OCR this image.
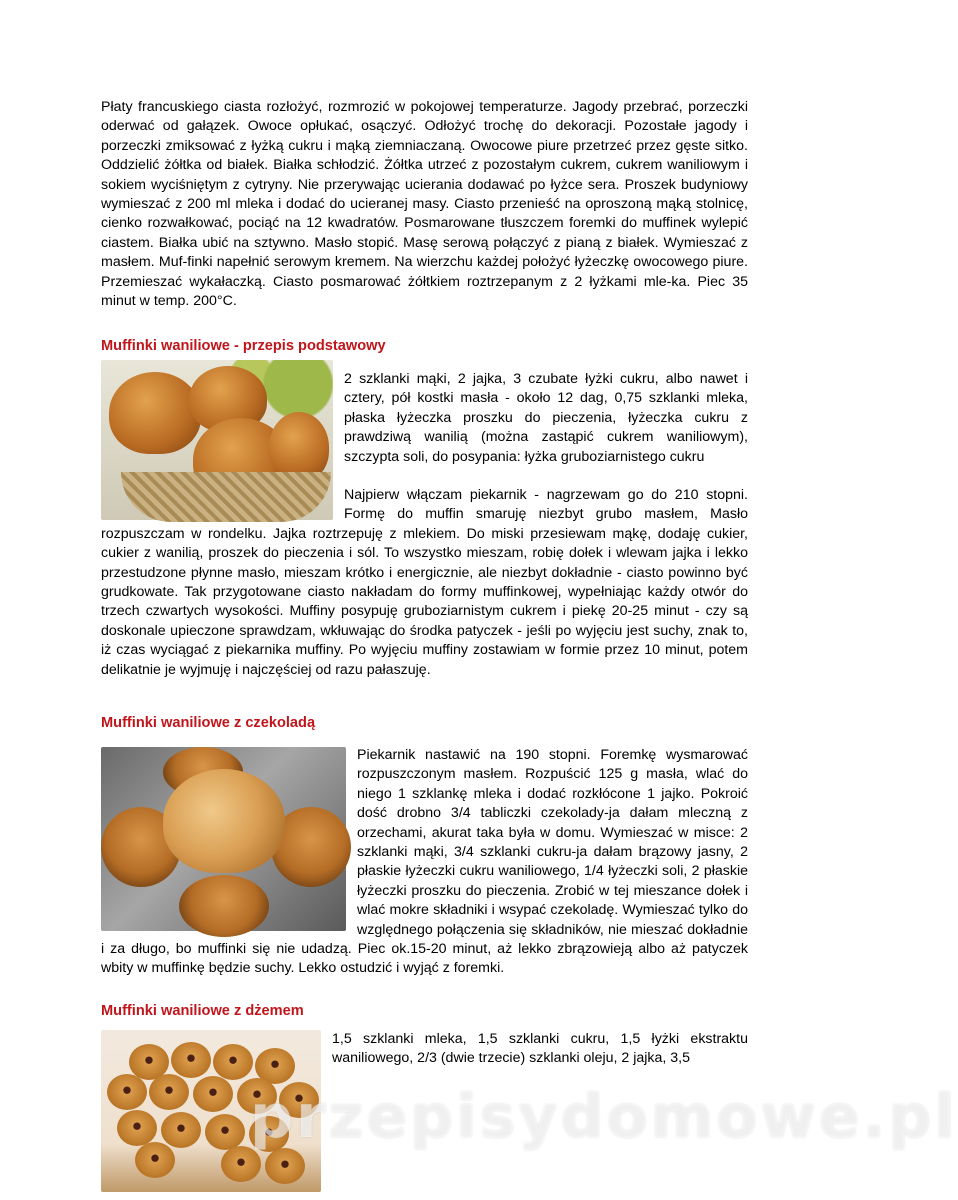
Płaty francuskiego ciasta rozłożyć, rozmrozić w pokojowej temperaturze. Jagody przebrać, porzeczki oderwać od gałązek. Owoce opłukać, osączyć. Odłożyć trochę do dekoracji. Pozostałe jagody i porzeczki zmiksować z łyżką cukru i mąką ziemniaczaną. Owocowe piure przetrzeć przez gęste sitko. Oddzielić żółtka od białek. Białka schłodzić. Żółtka utrzeć z pozostałym cukrem, cukrem waniliowym i sokiem wyciśniętym z cytryny. Nie przerywając ucierania dodawać po łyżce sera. Proszek budyniowy wymieszać z 200 ml mleka i dodać do ucieranej masy. Ciasto przenieść na oproszoną mąką stolnicę, cienko rozwałkować, pociąć na 12 kwadratów. Posmarowane tłuszczem foremki do muffinek wylepić ciastem. Białka ubić na sztywno. Masło stopić. Masę serową połączyć z pianą z białek. Wymieszać z masłem. Muf-finki napełnić serowym kremem. Na wierzchu każdej położyć łyżeczkę owocowego piure. Przemieszać wykałaczką. Ciasto posmarować żółtkiem roztrzepanym z 2 łyżkami mle-ka. Piec 35 minut w temp. 200°C.

Muffinki waniliowe - przepis podstawowy

2 szklanki mąki, 2 jajka, 3 czubate łyżki cukru, albo nawet i cztery, pół kostki masła - około 12 dag, 0,75 szklanki mleka, płaska łyżeczka proszku do pieczenia, łyżeczka cukru z prawdziwą wanilią (można zastąpić cukrem waniliowym), szczypta soli, do posypania: łyżka gruboziarnistego cukru

Najpierw włączam piekarnik - nagrzewam go do 210 stopni. Formę do muffin smaruję niezbyt grubo masłem, Masło rozpuszczam w rondelku. Jajka roztrzepuję z mlekiem. Do miski przesiewam mąkę, dodaję cukier, cukier z wanilią, proszek do pieczenia i sól. To wszystko mieszam, robię dołek i wlewam jajka i lekko przestudzone płynne masło, mieszam krótko i energicznie, ale niezbyt dokładnie - ciasto powinno być grudkowate. Tak przygotowane ciasto nakładam do formy muffinkowej, wypełniając każdy otwór do trzech czwartych wysokości. Muffiny posypuję gruboziarnistym cukrem i piekę 20-25 minut - czy są doskonale upieczone sprawdzam, wkłuwając do środka patyczek - jeśli po wyjęciu jest suchy, znak to, iż czas wyciągać z piekarnika muffiny. Po wyjęciu muffiny zostawiam w formie przez 10 minut, potem delikatnie je wyjmuję i najczęściej od razu pałaszuję.

Muffinki waniliowe z czekoladą

Piekarnik nastawić na 190 stopni. Foremkę wysmarować rozpuszczonym masłem. Rozpuścić 125 g masła, wlać do niego 1 szklankę mleka i dodać rozkłócone 1 jajko. Pokroić dość drobno 3/4 tabliczki czekolady-ja dałam mleczną z orzechami, akurat taka była w domu. Wymieszać w misce: 2 szklanki mąki, 3/4 szklanki cukru-ja dałam brązowy jasny, 2 płaskie łyżeczki cukru waniliowego, 1/4 łyżeczki soli, 2 płaskie łyżeczki proszku do pieczenia. Zrobić w tej mieszance dołek i wlać mokre składniki i wsypać czekoladę. Wymieszać tylko do względnego połączenia się składników, nie mieszać dokładnie i za długo, bo muffinki się nie udadzą. Piec ok.15-20 minut, aż lekko zbrązowieją albo aż patyczek wbity w muffinkę będzie suchy. Lekko ostudzić i wyjąć z foremki.

Muffinki waniliowe z dżemem

1,5 szklanki mleka, 1,5 szklanki cukru, 1,5 łyżki ekstraktu waniliowego, 2/3 (dwie trzecie) szklanki oleju, 2 jajka, 3,5

przepisydomowe.pl
